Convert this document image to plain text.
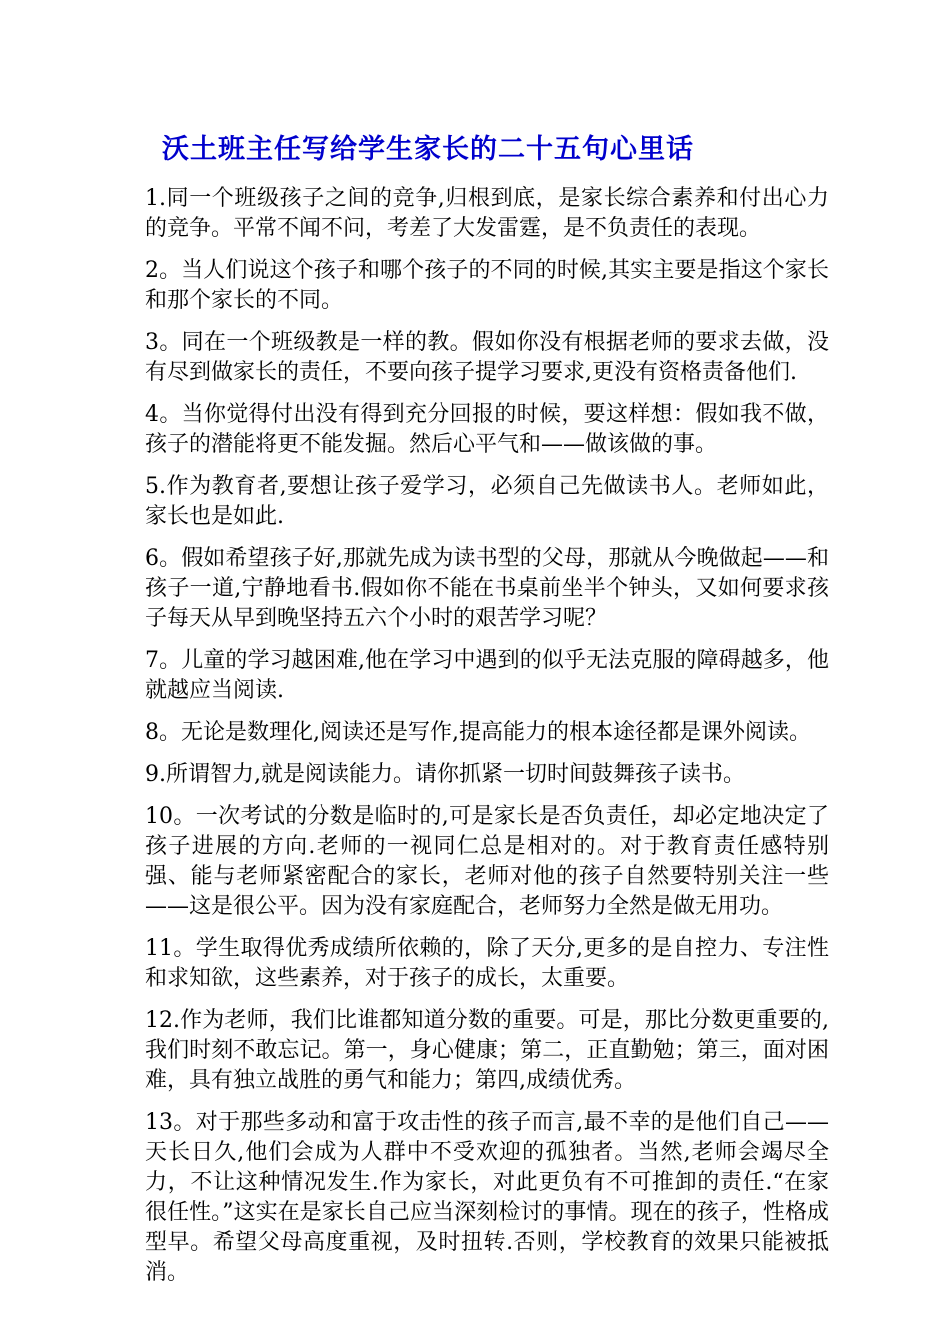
沃土班主任写给学生家长的二十五句心里话

1.同一个班级孩子之间的竞争,归根到底，是家长综合素养和付出心力的竞争。平常不闻不问，考差了大发雷霆，是不负责任的表现。

2。当人们说这个孩子和哪个孩子的不同的时候,其实主要是指这个家长和那个家长的不同。

3。同在一个班级教是一样的教。假如你没有根据老师的要求去做，没有尽到做家长的责任，不要向孩子提学习要求,更没有资格责备他们.

4。当你觉得付出没有得到充分回报的时候，要这样想：假如我不做，孩子的潜能将更不能发掘。然后心平气和——做该做的事。

5.作为教育者,要想让孩子爱学习，必须自己先做读书人。老师如此，家长也是如此.

6。假如希望孩子好,那就先成为读书型的父母，那就从今晚做起——和孩子一道,宁静地看书.假如你不能在书桌前坐半个钟头，又如何要求孩子每天从早到晚坚持五六个小时的艰苦学习呢？

7。儿童的学习越困难,他在学习中遇到的似乎无法克服的障碍越多，他就越应当阅读.

8。无论是数理化,阅读还是写作,提高能力的根本途径都是课外阅读。

9.所谓智力,就是阅读能力。请你抓紧一切时间鼓舞孩子读书。

10。一次考试的分数是临时的,可是家长是否负责任，却必定地决定了孩子进展的方向.老师的一视同仁总是相对的。对于教育责任感特别强、能与老师紧密配合的家长，老师对他的孩子自然要特别关注一些——这是很公平。因为没有家庭配合，老师努力全然是做无用功。

11。学生取得优秀成绩所依赖的，除了天分,更多的是自控力、专注性和求知欲，这些素养，对于孩子的成长，太重要。

12.作为老师，我们比谁都知道分数的重要。可是，那比分数更重要的,我们时刻不敢忘记。第一，身心健康；第二，正直勤勉；第三，面对困难，具有独立战胜的勇气和能力；第四,成绩优秀。

13。对于那些多动和富于攻击性的孩子而言,最不幸的是他们自己——天长日久,他们会成为人群中不受欢迎的孤独者。当然,老师会竭尽全力，不让这种情况发生.作为家长，对此更负有不可推卸的责任.“在家很任性。”这实在是家长自己应当深刻检讨的事情。现在的孩子，性格成型早。希望父母高度重视，及时扭转.否则，学校教育的效果只能被抵消。
